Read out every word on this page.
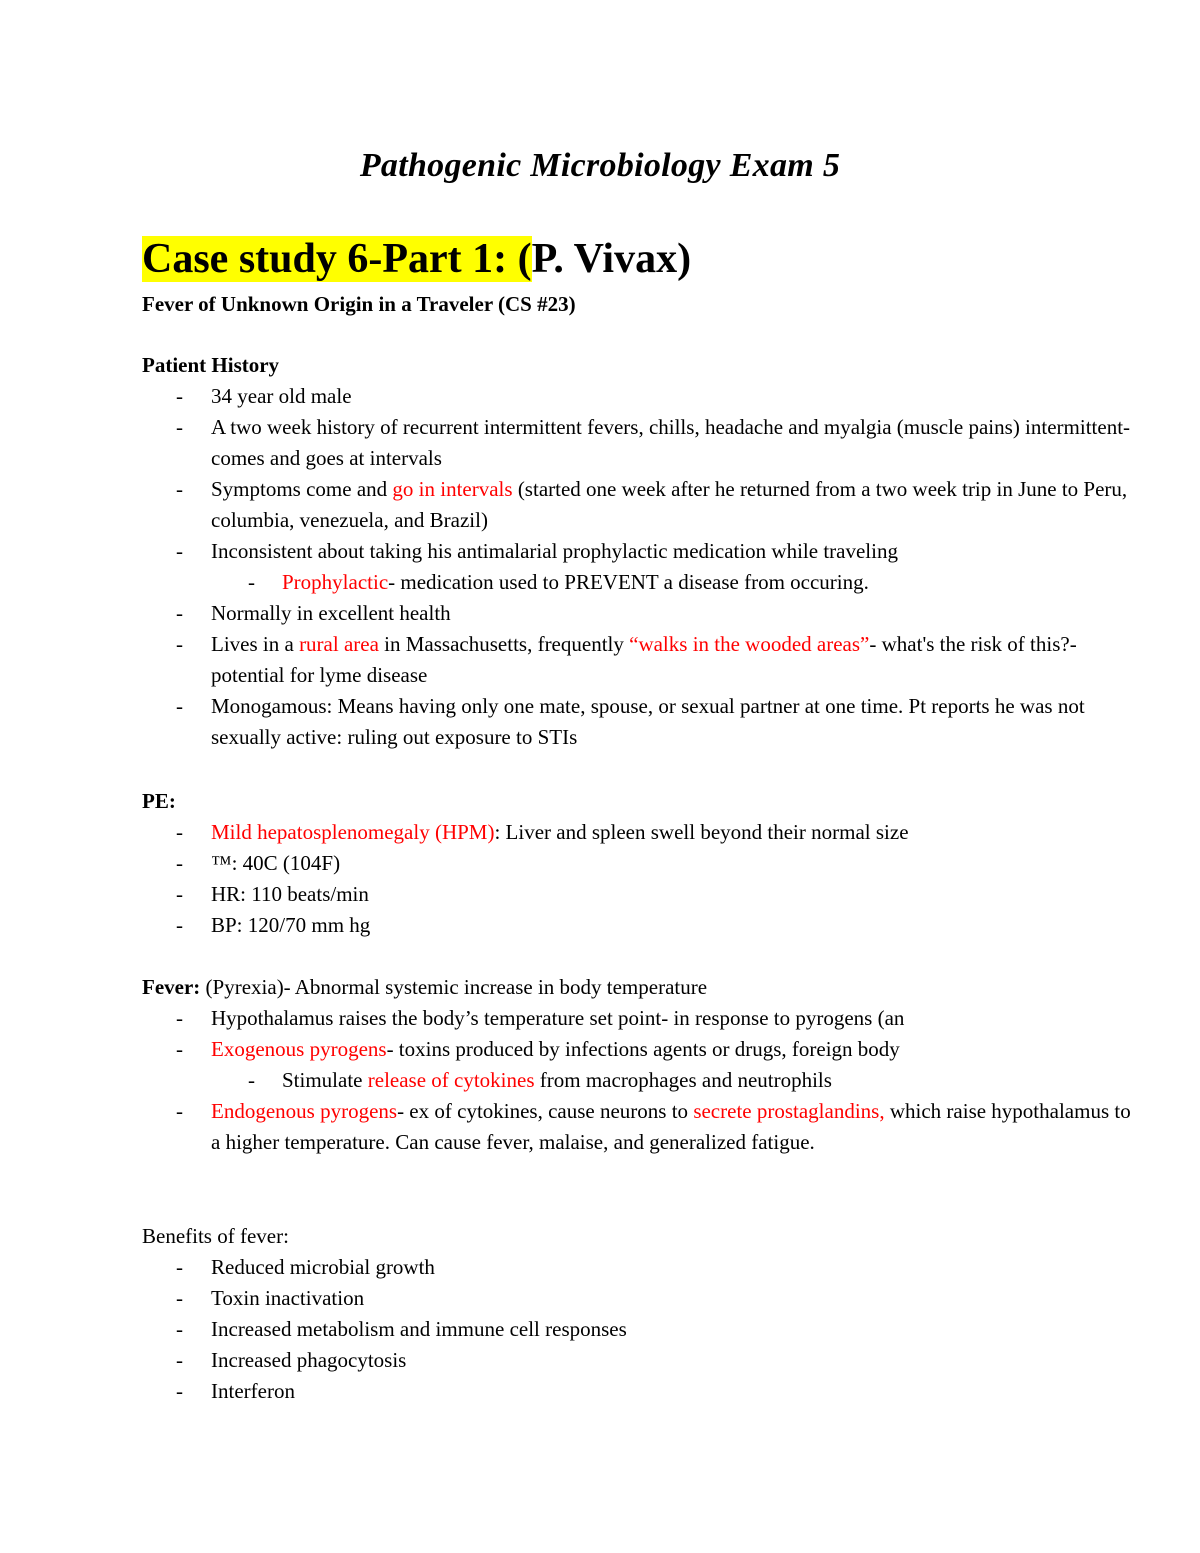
Pathogenic Microbiology Exam 5
Case study 6-Part 1: (P. Vivax)
Fever of Unknown Origin in a Traveler (CS #23)
Patient History
- 34 year old male
- A two week history of recurrent intermittent fevers, chills, headache and myalgia (muscle pains) intermittent- comes and goes at intervals
- Symptoms come and go in intervals (started one week after he returned from a two week trip in June to Peru, columbia, venezuela, and Brazil)
- Inconsistent about taking his antimalarial prophylactic medication while traveling
- Prophylactic- medication used to PREVENT a disease from occuring.
- Normally in excellent health
- Lives in a rural area in Massachusetts, frequently “walks in the wooded areas”- what's the risk of this?- potential for lyme disease
- Monogamous: Means having only one mate, spouse, or sexual partner at one time. Pt reports he was not sexually active: ruling out exposure to STIs
PE:
- Mild hepatosplenomegaly (HPM): Liver and spleen swell beyond their normal size
- ™: 40C (104F)
- HR: 110 beats/min
- BP: 120/70 mm hg
Fever: (Pyrexia)- Abnormal systemic increase in body temperature
- Hypothalamus raises the body’s temperature set point- in response to pyrogens (an
- Exogenous pyrogens- toxins produced by infections agents or drugs, foreign body
- Stimulate release of cytokines from macrophages and neutrophils
- Endogenous pyrogens- ex of cytokines, cause neurons to secrete prostaglandins, which raise hypothalamus to a higher temperature. Can cause fever, malaise, and generalized fatigue.
Benefits of fever:
- Reduced microbial growth
- Toxin inactivation
- Increased metabolism and immune cell responses
- Increased phagocytosis
- Interferon
